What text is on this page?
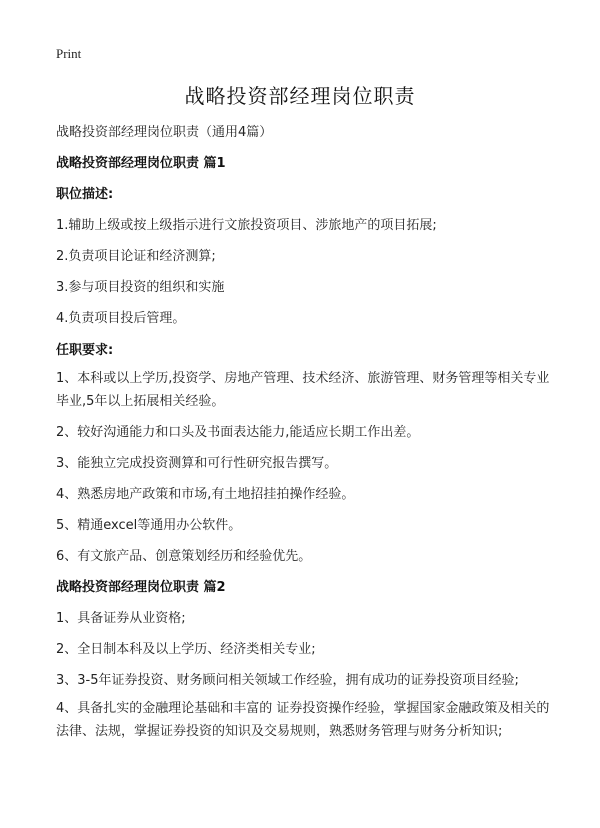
Print
战略投资部经理岗位职责
战略投资部经理岗位职责（通用4篇）
战略投资部经理岗位职责 篇1
职位描述:
1.辅助上级或按上级指示进行文旅投资项目、涉旅地产的项目拓展;
2.负责项目论证和经济测算;
3.参与项目投资的组织和实施
4.负责项目投后管理。
任职要求:
1、本科或以上学历,投资学、房地产管理、技术经济、旅游管理、财务管理等相关专业毕业,5年以上拓展相关经验。
2、较好沟通能力和口头及书面表达能力,能适应长期工作出差。
3、能独立完成投资测算和可行性研究报告撰写。
4、熟悉房地产政策和市场,有土地招挂拍操作经验。
5、精通excel等通用办公软件。
6、有文旅产品、创意策划经历和经验优先。
战略投资部经理岗位职责 篇2
1、具备证券从业资格;
2、全日制本科及以上学历、经济类相关专业;
3、3-5年证券投资、财务顾问相关领域工作经验，拥有成功的证券投资项目经验;
4、具备扎实的金融理论基础和丰富的 证券投资操作经验，掌握国家金融政策及相关的法律、法规，掌握证券投资的知识及交易规则，熟悉财务管理与财务分析知识;
